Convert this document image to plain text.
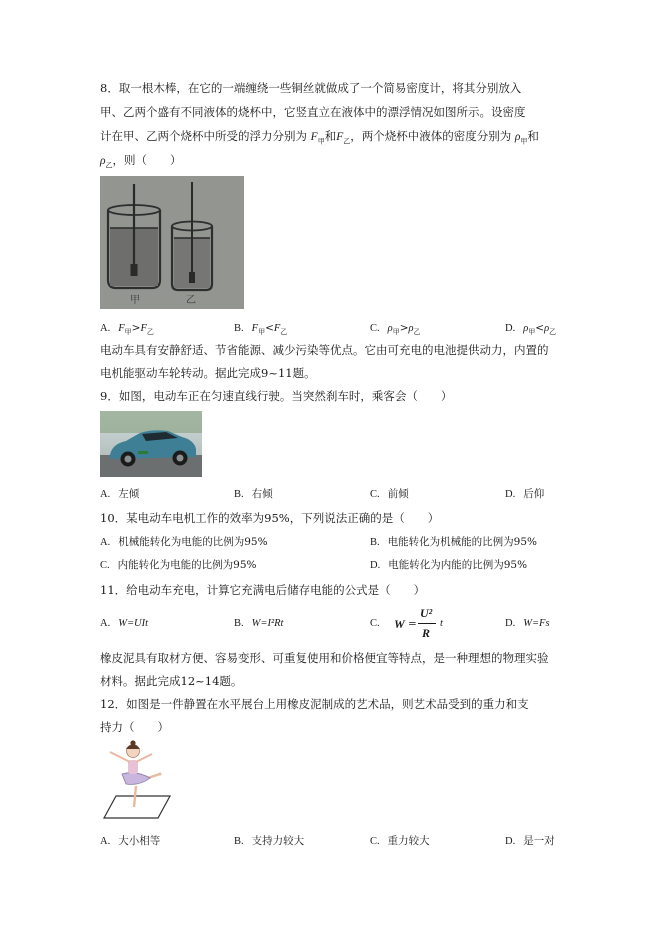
8．取一根木棒，在它的一端缠绕一些铜丝就做成了一个简易密度计，将其分别放入
甲、乙两个盛有不同液体的烧杯中，它竖直立在液体中的漂浮情况如图所示。设密度
计在甲、乙两个烧杯中所受的浮力分别为 $F_甲$和$F_乙$，两个烧杯中液体的密度分别为 $\rho_甲$和
$\rho_乙$，则（　　）
甲	乙
A. $F_甲>F_乙$	B. $F_甲<F_乙$	C. $\rho_甲>\rho_乙$	D. $\rho_甲<\rho_乙$
电动车具有安静舒适、节省能源、减少污染等优点。它由可充电的电池提供动力，内置的
电机能驱动车轮转动。据此完成9~11题。
9．如图，电动车正在匀速直线行驶。当突然刹车时，乘客会（　　）
A. 左倾	B. 右倾	C. 前倾	D. 后仰
10．某电动车电机工作的效率为95%，下列说法正确的是（　　）
A. 机械能转化为电能的比例为95%	B. 电能转化为机械能的比例为95%
C. 内能转化为电能的比例为95%	D. 电能转化为内能的比例为95%
11．给电动车充电，计算它充满电后储存电能的公式是（　　）
A. W=UIt	B. W=I²Rt	C. W =
U²
R
t	D. W=Fs
橡皮泥具有取材方便、容易变形、可重复使用和价格便宜等特点，是一种理想的物理实验
材料。据此完成12~14题。
12．如图是一件静置在水平展台上用橡皮泥制成的艺术品，则艺术品受到的重力和支
持力（　　）
A. 大小相等	B. 支持力较大	C. 重力较大	D. 是一对
